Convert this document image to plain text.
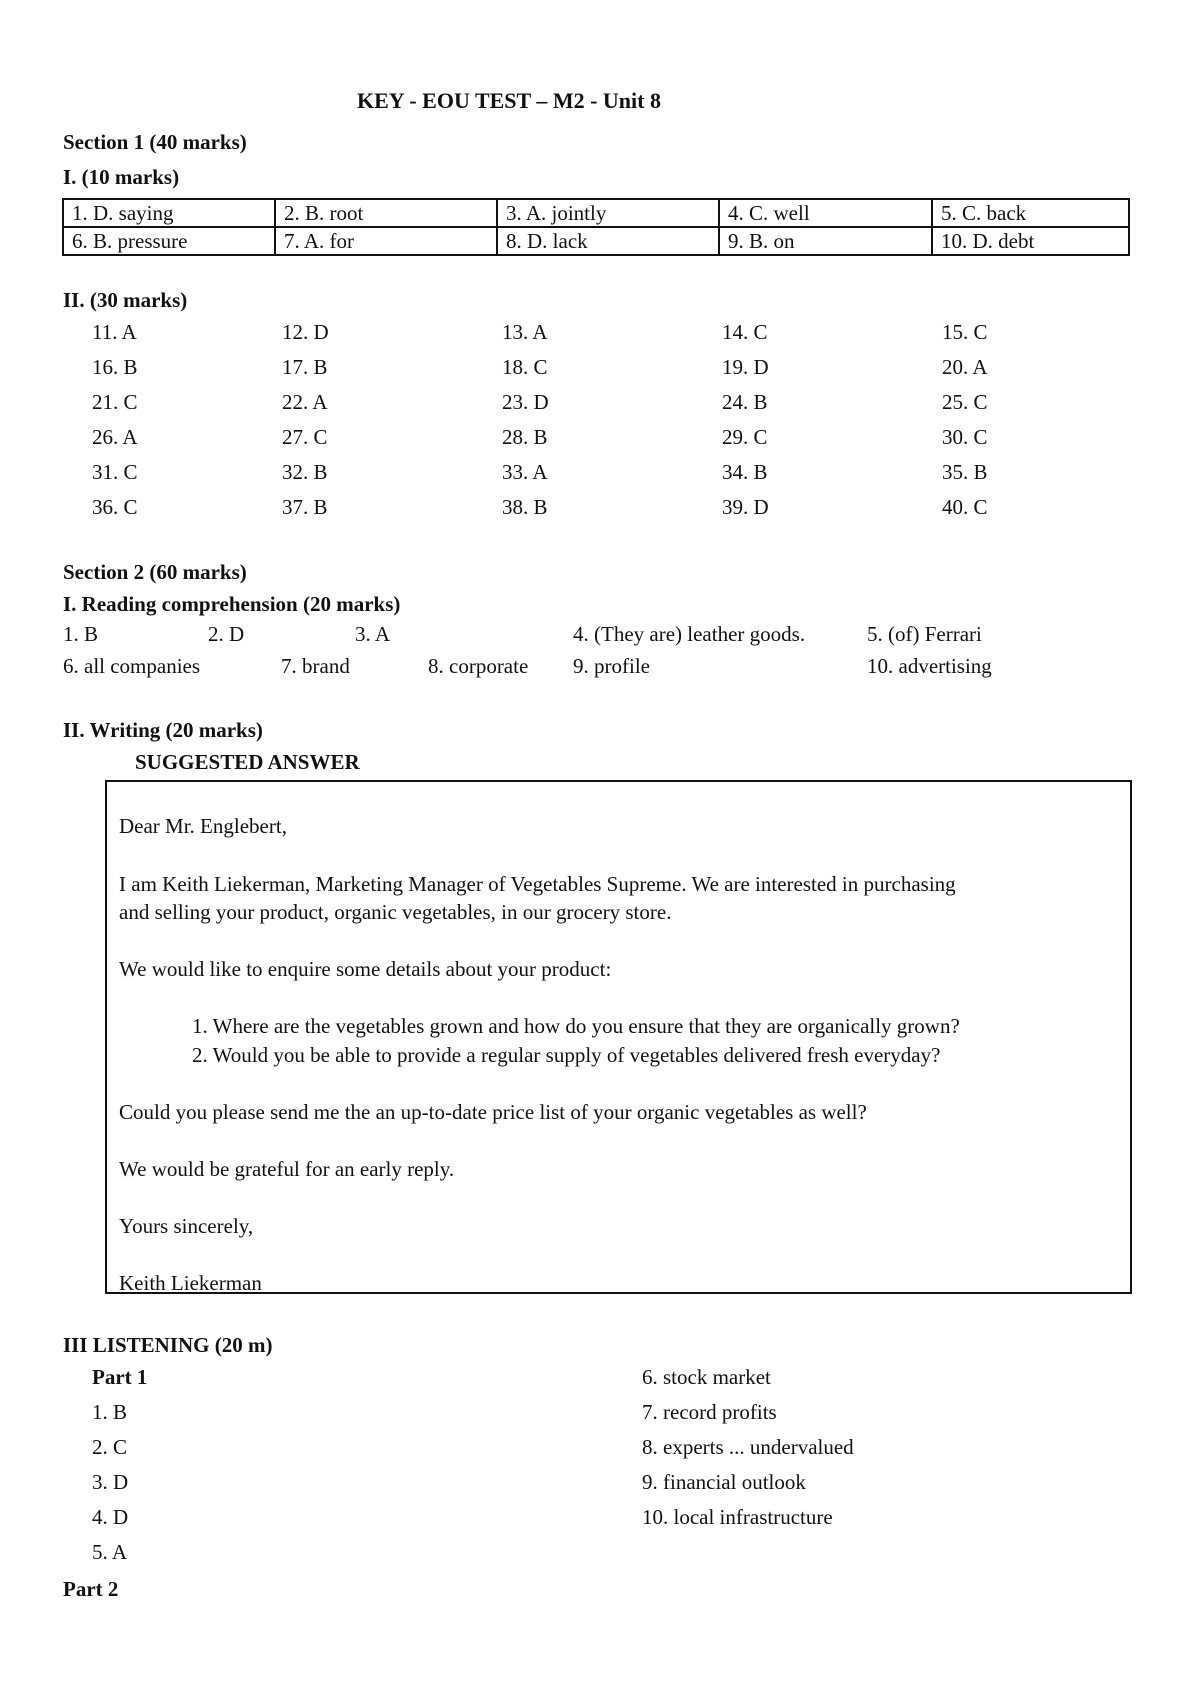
KEY - EOU TEST – M2 - Unit 8
Section 1 (40 marks)
I. (10 marks)
1. D. saying	2. B. root	3. A. jointly	4. C. well	5. C. back
6. B. pressure	7. A. for	8. D. lack	9. B. on	10. D. debt
II. (30 marks)
11. A	12. D	13. A	14. C	15. C
16. B	17. B	18. C	19. D	20. A
21. C	22. A	23. D	24. B	25. C
26. A	27. C	28. B	29. C	30. C
31. C	32. B	33. A	34. B	35. B
36. C	37. B	38. B	39. D	40. C
Section 2 (60 marks)
I. Reading comprehension (20 marks)
1. B	2. D	3. A	4. (They are) leather goods.	5. (of) Ferrari
6. all companies	7. brand	8. corporate 9. profile	10. advertising
II. Writing (20 marks)
SUGGESTED ANSWER
Dear Mr. Englebert,
I am Keith Liekerman, Marketing Manager of Vegetables Supreme. We are interested in purchasing
and selling your product, organic vegetables, in our grocery store.
We would like to enquire some details about your product:
1. Where are the vegetables grown and how do you ensure that they are organically grown?
2. Would you be able to provide a regular supply of vegetables delivered fresh everyday?
Could you please send me the an up-to-date price list of your organic vegetables as well?
We would be grateful for an early reply.
Yours sincerely,
Keith Liekerman
III LISTENING (20 m)
Part 1
1. B
2. C
3. D
4. D
5. A
6. stock market
7. record profits
8. experts ... undervalued
9. financial outlook
10. local infrastructure
Part 2
